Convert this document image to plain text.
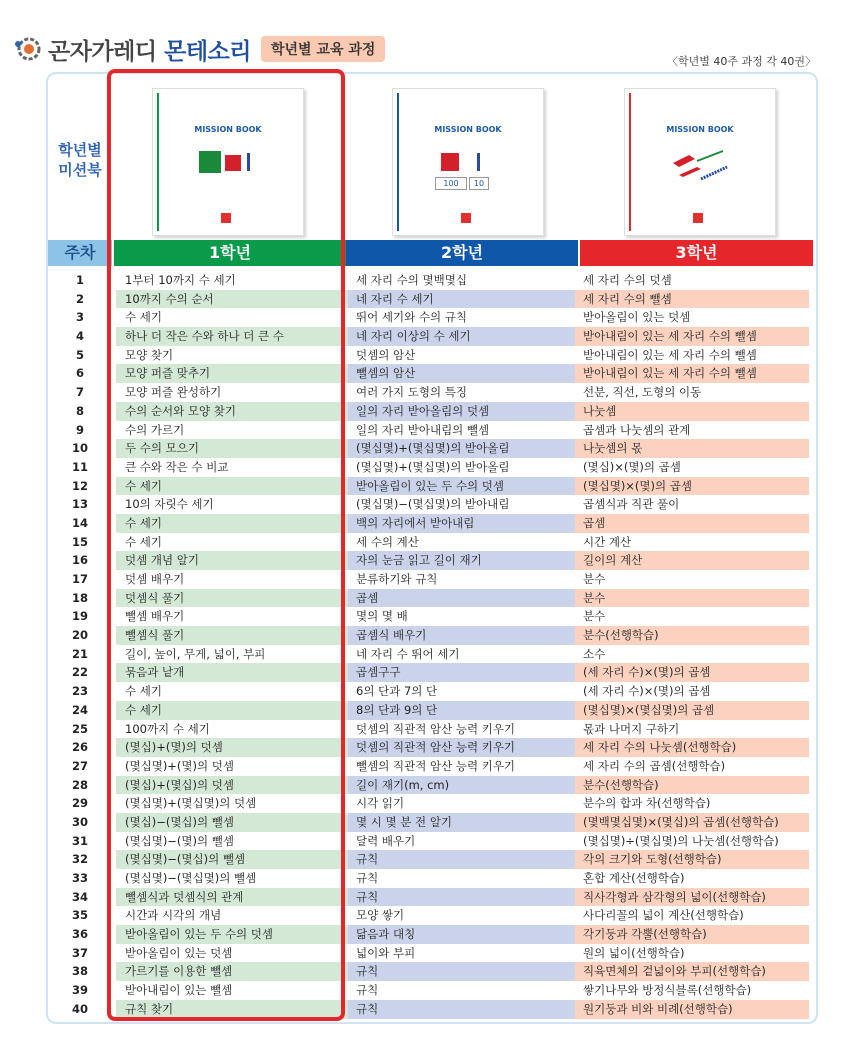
곤자가레디 몬테소리	학년별 교육 과정
〈학년별 40주 과정 각 40권〉
학년별
미션북
MISSION BOOK	MISSION BOOK
100	10
MISSION BOOK
주차	1학년	2학년	3학년
1	1부터 10까지 수 세기	세 자리 수의 몇백몇십	세 자리 수의 덧셈
2	10까지 수의 순서	네 자리 수 세기	세 자리 수의 뺄셈
3	수 세기	뛰어 세기와 수의 규칙	받아올림이 있는 덧셈
4	하나 더 작은 수와 하나 더 큰 수	네 자리 이상의 수 세기	받아내림이 있는 세 자리 수의 뺄셈
5	모양 찾기	덧셈의 암산	받아내림이 있는 세 자리 수의 뺄셈
6	모양 퍼즐 맞추기	뺄셈의 암산	받아내림이 있는 세 자리 수의 뺄셈
7	모양 퍼즐 완성하기	여러 가지 도형의 특징	선분, 직선, 도형의 이동
8	수의 순서와 모양 찾기	일의 자리 받아올림의 덧셈	나눗셈
9	수의 가르기	일의 자리 받아내림의 뺄셈	곱셈과 나눗셈의 관계
10	두 수의 모으기	(몇십몇)+(몇십몇)의 받아올림	나눗셈의 몫
11	큰 수와 작은 수 비교	(몇십몇)+(몇십몇)의 받아올림	(몇십)×(몇)의 곱셈
12	수 세기	받아올림이 있는 두 수의 덧셈	(몇십몇)×(몇)의 곱셈
13	10의 자릿수 세기	(몇십몇)−(몇십몇)의 받아내림	곱셈식과 직관 풀이
14	수 세기	백의 자리에서 받아내림	곱셈
15	수 세기	세 수의 계산	시간 계산
16	덧셈 개념 알기	자의 눈금 읽고 길이 재기	길이의 계산
17	덧셈 배우기	분류하기와 규칙	분수
18	덧셈식 풀기	곱셈	분수
19	뺄셈 배우기	몇의 몇 배	분수
20	뺄셈식 풀기	곱셈식 배우기	분수(선행학습)
21	길이, 높이, 무게, 넓이, 부피	네 자리 수 뛰어 세기	소수
22	묶음과 낱개	곱셈구구	(세 자리 수)×(몇)의 곱셈
23	수 세기	6의 단과 7의 단	(세 자리 수)×(몇)의 곱셈
24	수 세기	8의 단과 9의 단	(몇십몇)×(몇십몇)의 곱셈
25	100까지 수 세기	덧셈의 직관적 암산 능력 키우기	몫과 나머지 구하기
26	(몇십)+(몇)의 덧셈	덧셈의 직관적 암산 능력 키우기	세 자리 수의 나눗셈(선행학습)
27	(몇십몇)+(몇)의 덧셈	뺄셈의 직관적 암산 능력 키우기	세 자리 수의 곱셈(선행학습)
28	(몇십)+(몇십)의 덧셈	길이 재기(m, cm)	분수(선행학습)
29	(몇십몇)+(몇십몇)의 덧셈	시각 읽기	분수의 합과 차(선행학습)
30	(몇십)−(몇십)의 뺄셈	몇 시 몇 분 전 알기	(몇백몇십몇)×(몇십)의 곱셈(선행학습)
31	(몇십몇)−(몇)의 뺄셈	달력 배우기	(몇십몇)÷(몇십몇)의 나눗셈(선행학습)
32	(몇십몇)−(몇십)의 뺄셈	규칙	각의 크기와 도형(선행학습)
33	(몇십몇)−(몇십몇)의 뺄셈	규칙	혼합 계산(선행학습)
34	뺄셈식과 덧셈식의 관계	규칙	직사각형과 삼각형의 넓이(선행학습)
35	시간과 시각의 개념	모양 쌓기	사다리꼴의 넓이 계산(선행학습)
36	받아올림이 있는 두 수의 덧셈	닮음과 대칭	각기둥과 각뿔(선행학습)
37	받아올림이 있는 덧셈	넓이와 부피	원의 넓이(선행학습)
38	가르기를 이용한 뺄셈	규칙	직육면체의 겉넓이와 부피(선행학습)
39	받아내림이 있는 뺄셈	규칙	쌓기나무와 방정식블록(선행학습)
40	규칙 찾기	규칙	원기둥과 비와 비례(선행학습)
